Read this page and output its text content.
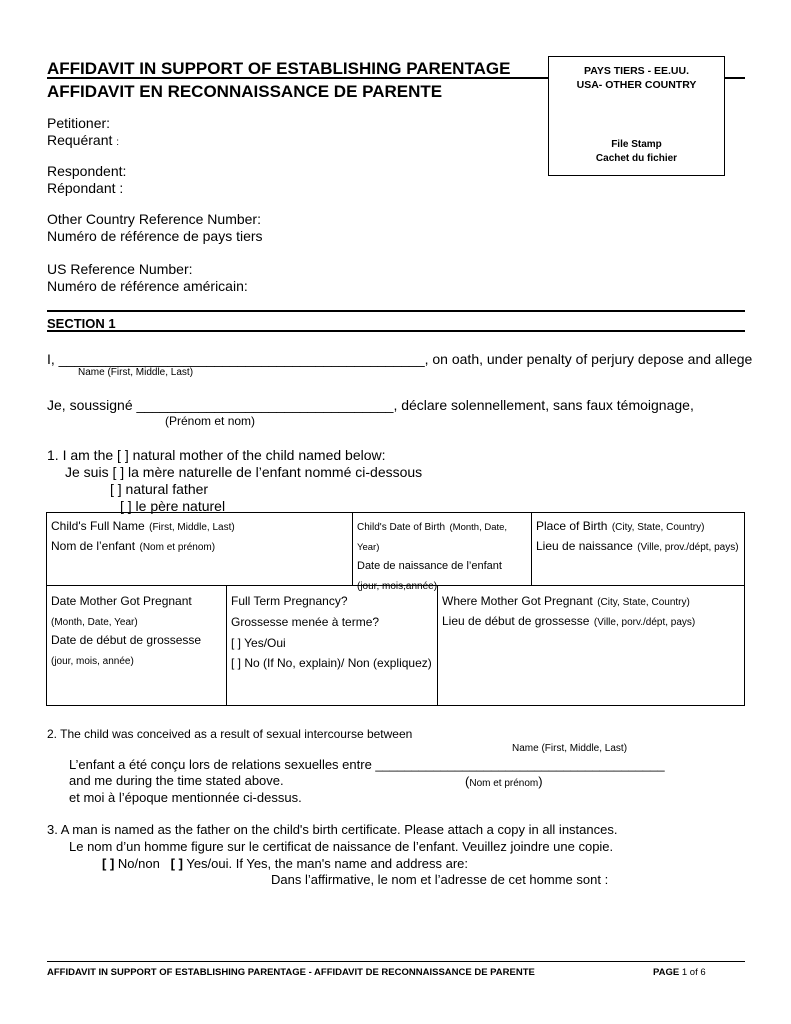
AFFIDAVIT IN SUPPORT OF ESTABLISHING PARENTAGE
AFFIDAVIT EN RECONNAISSANCE DE PARENTE
PAYS TIERS - EE.UU.
USA- OTHER COUNTRY
File Stamp
Cachet du fichier
Petitioner:
Requérant :
Respondent:
Répondant :
Other Country Reference Number:
Numéro de référence de pays tiers
US Reference Number:
Numéro de référence américain:
SECTION 1
I, _______________________________________________, on oath, under penalty of perjury depose and allege
Name (First, Middle, Last)
Je, soussigné _________________________________, déclare solennellement, sans faux témoignage,
(Prénom et nom)
1. I am the [ ] natural mother of the child named below:
Je suis [ ] la mère naturelle de l’enfant nommé ci-dessous
[ ] natural father
[ ] le père naturel
Child's Full Name (First, Middle, Last)
Nom de l’enfant (Nom et prénom)
Child's Date of Birth (Month, Date, Year)
Date de naissance de l’enfant
(jour, mois,année)
Place of Birth (City, State, Country)
Lieu de naissance (Ville, prov./dépt, pays)
Date Mother Got Pregnant
(Month, Date, Year)
Date de début de grossesse (jour, mois, année)
Full Term Pregnancy?
Grossesse menée à terme?
[ ] Yes/Oui
[ ] No (If No, explain)/ Non (expliquez)
Where Mother Got Pregnant (City, State, Country)
Lieu de début de grossesse (Ville, porv./dépt, pays)
2. The child was conceived as a result of sexual intercourse between
Name (First, Middle, Last)
L’enfant a été conçu lors de relations sexuelles entre ________________________________________
and me during the time stated above.	(Nom et prénom)
et moi à l’époque mentionnée ci-dessus.
3. A man is named as the father on the child's birth certificate. Please attach a copy in all instances.
Le nom d’un homme figure sur le certificat de naissance de l’enfant. Veuillez joindre une copie.
[ ] No/non [ ] Yes/oui. If Yes, the man's name and address are:
Dans l’affirmative, le nom et l’adresse de cet homme sont :
AFFIDAVIT IN SUPPORT OF ESTABLISHING PARENTAGE - AFFIDAVIT DE RECONNAISSANCE DE PARENTE	PAGE 1 of 6
